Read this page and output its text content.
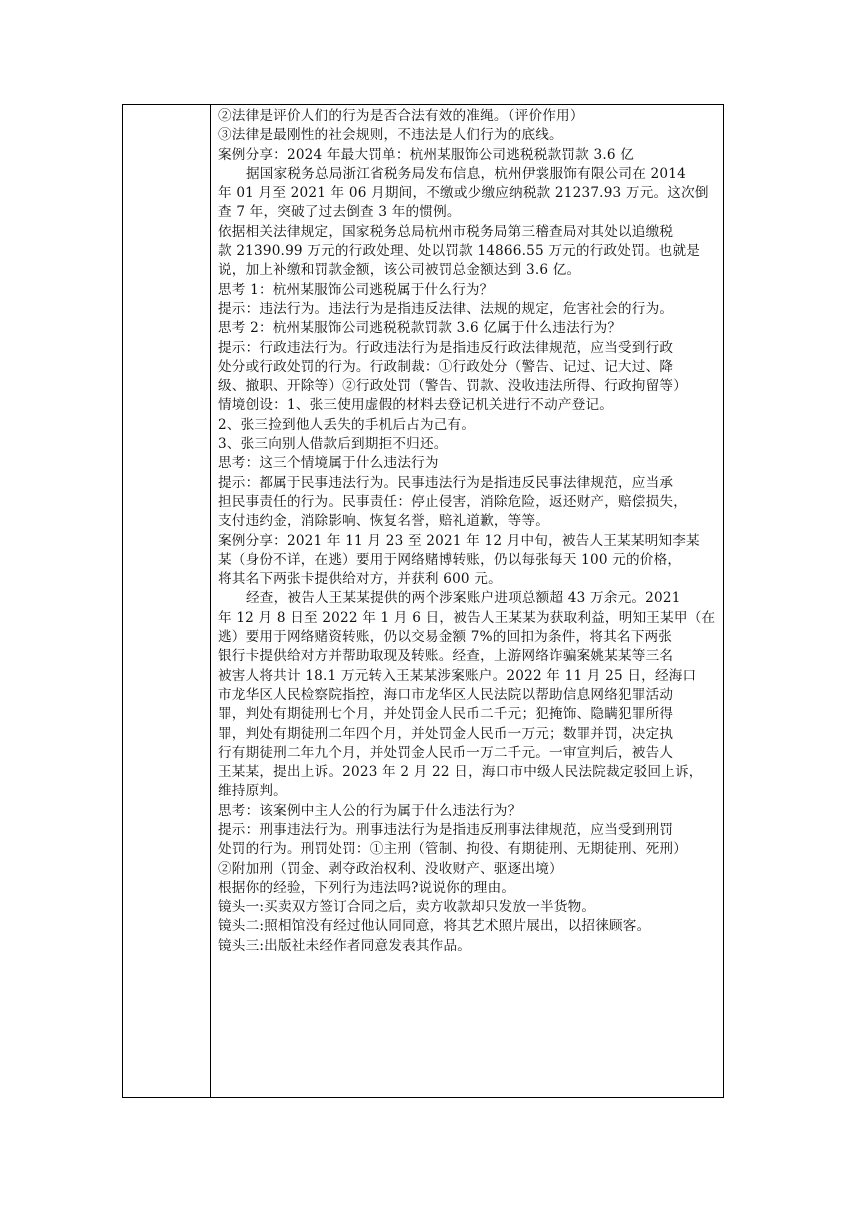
②法律是评价人们的行为是否合法有效的准绳。（评价作用）
③法律是最刚性的社会规则，不违法是人们行为的底线。
案例分享：2024 年最大罚单：杭州某服饰公司逃税税款罚款 3.6 亿
据国家税务总局浙江省税务局发布信息，杭州伊裳服饰有限公司在 2014
年 01 月至 2021 年 06 月期间，不缴或少缴应纳税款 21237.93 万元。这次倒
查 7 年，突破了过去倒查 3 年的惯例。
依据相关法律规定，国家税务总局杭州市税务局第三稽查局对其处以追缴税
款 21390.99 万元的行政处理、处以罚款 14866.55 万元的行政处罚。也就是
说，加上补缴和罚款金额，该公司被罚总金额达到 3.6 亿。
思考 1：杭州某服饰公司逃税属于什么行为？
提示：违法行为。违法行为是指违反法律、法规的规定，危害社会的行为。
思考 2：杭州某服饰公司逃税税款罚款 3.6 亿属于什么违法行为？
提示：行政违法行为。行政违法行为是指违反行政法律规范，应当受到行政
处分或行政处罚的行为。行政制裁：①行政处分（警告、记过、记大过、降
级、撤职、开除等）②行政处罚（警告、罚款、没收违法所得、行政拘留等）
情境创设：1、张三使用虚假的材料去登记机关进行不动产登记。
2、张三捡到他人丢失的手机后占为己有。
3、张三向别人借款后到期拒不归还。
思考：这三个情境属于什么违法行为
提示：都属于民事违法行为。民事违法行为是指违反民事法律规范，应当承
担民事责任的行为。民事责任：停止侵害，消除危险，返还财产，赔偿损失，
支付违约金，消除影响、恢复名誉，赔礼道歉，等等。
案例分享：2021 年 11 月 23 至 2021 年 12 月中旬，被告人王某某明知李某
某（身份不详，在逃）要用于网络赌博转账，仍以每张每天 100 元的价格，
将其名下两张卡提供给对方，并获利 600 元。
经查，被告人王某某提供的两个涉案账户进项总额超 43 万余元。2021
年 12 月 8 日至 2022 年 1 月 6 日，被告人王某某为获取利益，明知王某甲（在
逃）要用于网络赌资转账，仍以交易金额 7%的回扣为条件，将其名下两张
银行卡提供给对方并帮助取现及转账。经查，上游网络诈骗案姚某某等三名
被害人将共计 18.1 万元转入王某某涉案账户。2022 年 11 月 25 日，经海口
市龙华区人民检察院指控，海口市龙华区人民法院以帮助信息网络犯罪活动
罪，判处有期徒刑七个月，并处罚金人民币二千元；犯掩饰、隐瞒犯罪所得
罪，判处有期徒刑二年四个月，并处罚金人民币一万元；数罪并罚，决定执
行有期徒刑二年九个月，并处罚金人民币一万二千元。一审宣判后，被告人
王某某，提出上诉。2023 年 2 月 22 日，海口市中级人民法院裁定驳回上诉，
维持原判。
思考：该案例中主人公的行为属于什么违法行为？
提示：刑事违法行为。刑事违法行为是指违反刑事法律规范，应当受到刑罚
处罚的行为。刑罚处罚：①主刑（管制、拘役、有期徒刑、无期徒刑、死刑）
②附加刑（罚金、剥夺政治权利、没收财产、驱逐出境）
根据你的经验，下列行为违法吗?说说你的理由。
镜头一:买卖双方签订合同之后，卖方收款却只发放一半货物。
镜头二:照相馆没有经过他认同同意，将其艺术照片展出，以招徕顾客。
镜头三:出版社未经作者同意发表其作品。
